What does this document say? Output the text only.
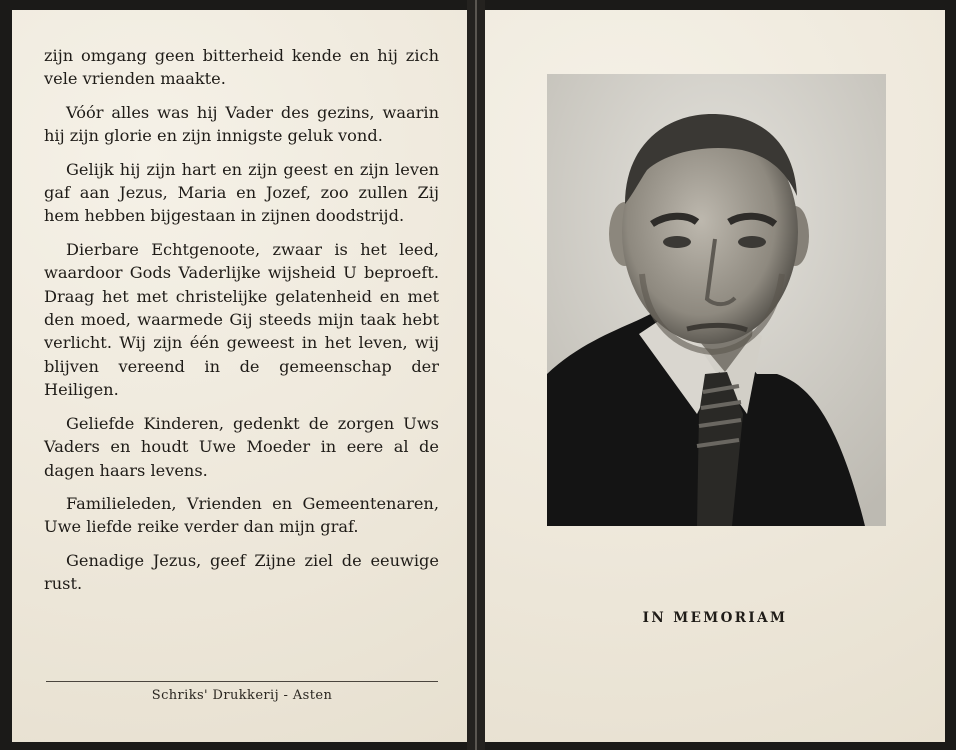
zijn omgang geen bitterheid kende en hij zich vele vrienden maakte.

Vóór alles was hij Vader des gezins, waarin hij zijn glorie en zijn innigste geluk vond.

Gelijk hij zijn hart en zijn geest en zijn leven gaf aan Jezus, Maria en Jozef, zoo zullen Zij hem hebben bijgestaan in zijnen doodstrijd.

Dierbare Echtgenoote, zwaar is het leed, waardoor Gods Vaderlijke wijsheid U beproeft. Draag het met christelijke gelatenheid en met den moed, waarmede Gij steeds mijn taak hebt verlicht. Wij zijn één geweest in het leven, wij blijven vereend in de gemeenschap der Heiligen.

Geliefde Kinderen, gedenkt de zorgen Uws Vaders en houdt Uwe Moeder in eere al de dagen haars levens.

Familieleden, Vrienden en Gemeentenaren, Uwe liefde reike verder dan mijn graf.

Genadige Jezus, geef Zijne ziel de eeuwige rust.

Schriks' Drukkerij - Asten
IN MEMORIAM
